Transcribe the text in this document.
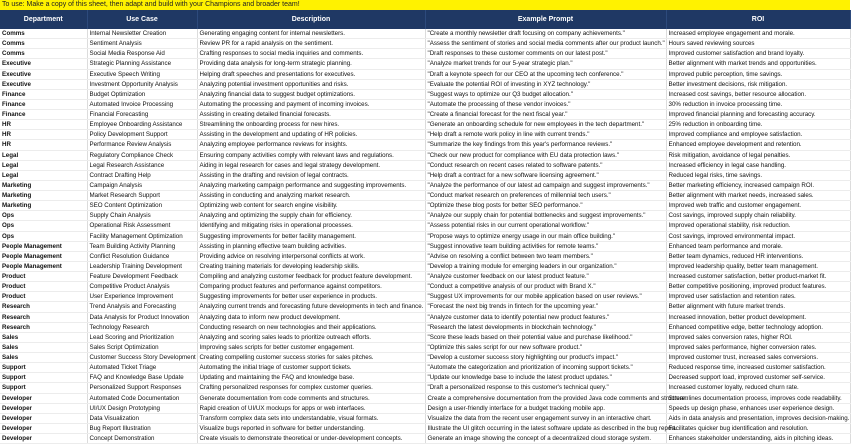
To use: Make a copy of this sheet, then adapt and build with your Champions and broader team!
Department	Use Case	Description	Example Prompt	ROI
Comms	Internal Newsletter Creation	Generating engaging content for internal newsletters.	"Create a monthly newsletter draft focusing on company achievements."	Increased employee engagement and morale.
Comms	Sentiment Analysis	Review PR for a rapid analysis on the sentiment.	"Assess the sentiment of stories and social media comments after our product launch."	Hours saved reviewing sources
Comms	Social Media Response Aid	Crafting responses to social media inquiries and comments.	"Draft responses to these customer comments on our latest post."	Improved customer satisfaction and brand loyalty.
Executive	Strategic Planning Assistance	Providing data analysis for long-term strategic planning.	"Analyze market trends for our 5-year strategic plan."	Better alignment with market trends and opportunities.
Executive	Executive Speech Writing	Helping draft speeches and presentations for executives.	"Draft a keynote speech for our CEO at the upcoming tech conference."	Improved public perception, time savings.
Executive	Investment Opportunity Analysis	Analyzing potential investment opportunities and risks.	"Evaluate the potential ROI of investing in XYZ technology."	Better investment decisions, risk mitigation.
Finance	Budget Optimization	Analyzing financial data to suggest budget optimizations.	"Suggest ways to optimize our Q3 budget allocation."	Increased cost savings, better resource allocation.
Finance	Automated Invoice Processing	Automating the processing and payment of incoming invoices.	"Automate the processing of these vendor invoices."	30% reduction in invoice processing time.
Finance	Financial Forecasting	Assisting in creating detailed financial forecasts.	"Create a financial forecast for the next fiscal year."	Improved financial planning and forecasting accuracy.
HR	Employee Onboarding Assistance	Streamlining the onboarding process for new hires.	"Generate an onboarding schedule for new employees in the tech department."	25% reduction in onboarding time.
HR	Policy Development Support	Assisting in the development and updating of HR policies.	"Help draft a remote work policy in line with current trends."	Improved compliance and employee satisfaction.
HR	Performance Review Analysis	Analyzing employee performance reviews for insights.	"Summarize the key findings from this year's performance reviews."	Enhanced employee development and retention.
Legal	Regulatory Compliance Check	Ensuring company activities comply with relevant laws and regulations.	"Check our new product for compliance with EU data protection laws."	Risk mitigation, avoidance of legal penalties.
Legal	Legal Research Assistance	Aiding in legal research for cases and legal strategy development.	"Conduct research on recent cases related to software patents."	Increased efficiency in legal case handling.
Legal	Contract Drafting Help	Assisting in the drafting and revision of legal contracts.	"Help draft a contract for a new software licensing agreement."	Reduced legal risks, time savings.
Marketing	Campaign Analysis	Analyzing marketing campaign performance and suggesting improvements.	"Analyze the performance of our latest ad campaign and suggest improvements."	Better marketing efficiency, increased campaign ROI.
Marketing	Market Research Support	Assisting in conducting and analyzing market research.	"Conduct market research on preferences of millennial tech users."	Better alignment with market needs, increased sales.
Marketing	SEO Content Optimization	Optimizing web content for search engine visibility.	"Optimize these blog posts for better SEO performance."	Improved web traffic and customer engagement.
Ops	Supply Chain Analysis	Analyzing and optimizing the supply chain for efficiency.	"Analyze our supply chain for potential bottlenecks and suggest improvements."	Cost savings, improved supply chain reliability.
Ops	Operational Risk Assessment	Identifying and mitigating risks in operational processes.	"Assess potential risks in our current operational workflow."	Improved operational stability, risk reduction.
Ops	Facility Management Optimization	Suggesting improvements for better facility management.	"Propose ways to optimize energy usage in our main office building."	Cost savings, improved environmental impact.
People Management	Team Building Activity Planning	Assisting in planning effective team building activities.	"Suggest innovative team building activities for remote teams."	Enhanced team performance and morale.
People Management	Conflict Resolution Guidance	Providing advice on resolving interpersonal conflicts at work.	"Advise on resolving a conflict between two team members."	Better team dynamics, reduced HR interventions.
People Management	Leadership Training Development	Creating training materials for developing leadership skills.	"Develop a training module for emerging leaders in our organization."	Improved leadership quality, better team management.
Product	Feature Development Feedback	Compiling and analyzing customer feedback for product feature development.	"Analyze customer feedback on our latest product feature."	Increased customer satisfaction, better product-market fit.
Product	Competitive Product Analysis	Comparing product features and performance against competitors.	"Conduct a competitive analysis of our product with Brand X."	Better competitive positioning, improved product features.
Product	User Experience Improvement	Suggesting improvements for better user experience in products.	"Suggest UX improvements for our mobile application based on user reviews."	Improved user satisfaction and retention rates.
Research	Trend Analysis and Forecasting	Analyzing current trends and forecasting future developments in tech and finance.	"Forecast the next big trends in fintech for the upcoming year."	Better alignment with future market trends.
Research	Data Analysis for Product Innovation	Analyzing data to inform new product development.	"Analyze customer data to identify potential new product features."	Increased innovation, better product development.
Research	Technology Research	Conducting research on new technologies and their applications.	"Research the latest developments in blockchain technology."	Enhanced competitive edge, better technology adoption.
Sales	Lead Scoring and Prioritization	Analyzing and scoring sales leads to prioritize outreach efforts.	"Score these leads based on their potential value and purchase likelihood."	Improved sales conversion rates, higher ROI.
Sales	Sales Script Optimization	Improving sales scripts for better customer engagement.	"Optimize this sales script for our new software product."	Improved sales performance, higher conversion rates.
Sales	Customer Success Story Development	Creating compelling customer success stories for sales pitches.	"Develop a customer success story highlighting our product's impact."	Improved customer trust, increased sales conversions.
Support	Automated Ticket Triage	Automating the initial triage of customer support tickets.	"Automate the categorization and prioritization of incoming support tickets."	Reduced response time, increased customer satisfaction.
Support	FAQ and Knowledge Base Update	Updating and maintaining the FAQ and knowledge base.	"Update our knowledge base to include the latest product updates."	Decreased support load, improved customer self-service.
Support	Personalized Support Responses	Crafting personalized responses for complex customer queries.	"Draft a personalized response to this customer's technical query."	Increased customer loyalty, reduced churn rate.
Developer	Automated Code Documentation	Generate documentation from code comments and structures.	Create a comprehensive documentation from the provided Java code comments and structure.	Streamlines documentation process, improves code readability.
Developer	UI/UX Design Prototyping	Rapid creation of UI/UX mockups for apps or web interfaces.	Design a user-friendly interface for a budget tracking mobile app.	Speeds up design phase, enhances user experience design.
Developer	Data Visualization	Transform complex data sets into understandable, visual formats.	Visualize the data from the recent user engagement survey in an interactive chart.	Aids in data analysis and presentation, improves decision-making.
Developer	Bug Report Illustration	Visualize bugs reported in software for better understanding.	Illustrate the UI glitch occurring in the latest software update as described in the bug report.	Facilitates quicker bug identification and resolution.
Developer	Concept Demonstration	Create visuals to demonstrate theoretical or under-development concepts.	Generate an image showing the concept of a decentralized cloud storage system.	Enhances stakeholder understanding, aids in pitching ideas.
